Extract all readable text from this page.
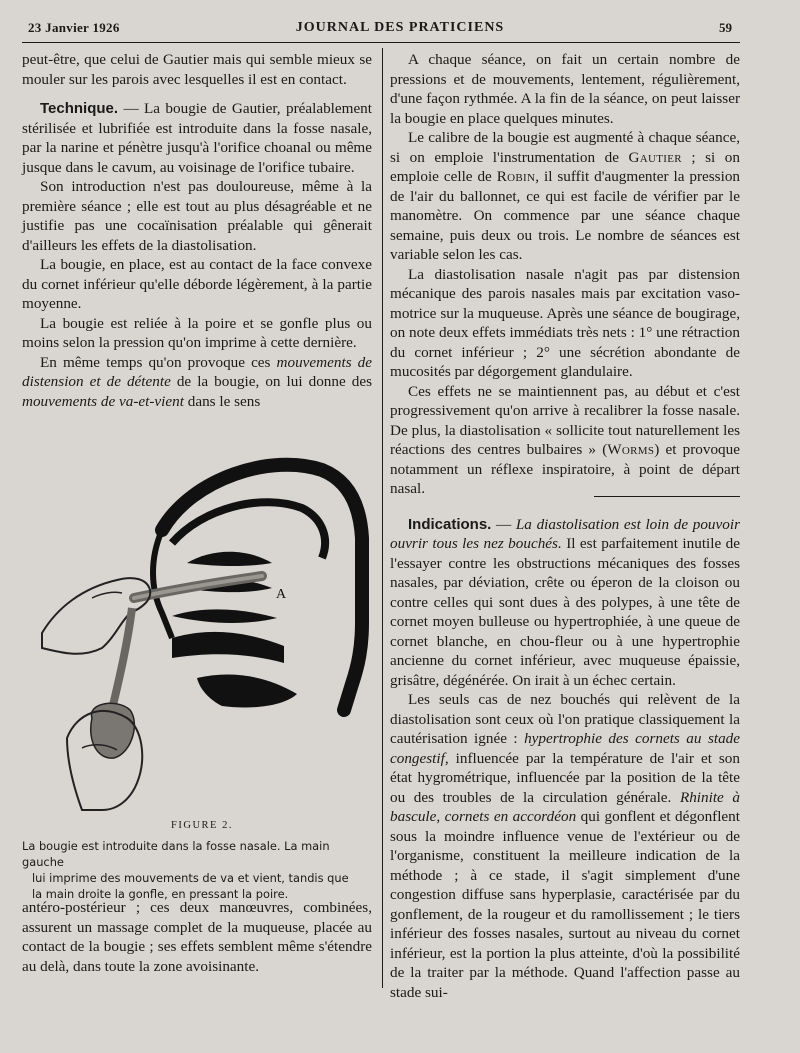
23 Janvier 1926	JOURNAL DES PRATICIENS	59

peut-être, que celui de Gautier mais qui semble mieux se mouler sur les parois avec lesquelles il est en contact.

Technique. — La bougie de Gautier, préalablement stérilisée et lubrifiée est introduite dans la fosse nasale, par la narine et pénètre jusqu'à l'orifice choanal ou même jusque dans le cavum, au voisinage de l'orifice tubaire.

Son introduction n'est pas douloureuse, même à la première séance ; elle est tout au plus désagréable et ne justifie pas une cocaïnisation préalable qui gênerait d'ailleurs les effets de la diastolisation.

La bougie, en place, est au contact de la face convexe du cornet inférieur qu'elle déborde légèrement, à la partie moyenne.

La bougie est reliée à la poire et se gonfle plus ou moins selon la pression qu'on imprime à cette dernière.

En même temps qu'on provoque ces mouvements de distension et de détente de la bougie, on lui donne des mouvements de va-et-vient dans le sens

A
FIGURE 2.
La bougie est introduite dans la fosse nasale. La main gauche
lui imprime des mouvements de va et vient, tandis que
la main droite la gonfle, en pressant la poire.

antéro-postérieur ; ces deux manœuvres, combinées, assurent un massage complet de la muqueuse, placée au contact de la bougie ; ses effets semblent même s'étendre au delà, dans toute la zone avoisinante.

A chaque séance, on fait un certain nombre de pressions et de mouvements, lentement, régulièrement, d'une façon rythmée. A la fin de la séance, on peut laisser la bougie en place quelques minutes.

Le calibre de la bougie est augmenté à chaque séance, si on emploie l'instrumentation de Gautier ; si on emploie celle de Robin, il suffit d'augmenter la pression de l'air du ballonnet, ce qui est facile de vérifier par le manomètre. On commence par une séance chaque semaine, puis deux ou trois. Le nombre de séances est variable selon les cas.

La diastolisation nasale n'agit pas par distension mécanique des parois nasales mais par excitation vaso-motrice sur la muqueuse. Après une séance de bougirage, on note deux effets immédiats très nets : 1° une rétraction du cornet inférieur ; 2° une sécrétion abondante de mucosités par dégorgement glandulaire.

Ces effets ne se maintiennent pas, au début et c'est progressivement qu'on arrive à recalibrer la fosse nasale. De plus, la diastolisation « sollicite tout naturellement les réactions des centres bulbaires » (Worms) et provoque notamment un réflexe inspiratoire, à point de départ nasal.

Indications. — La diastolisation est loin de pouvoir ouvrir tous les nez bouchés. Il est parfaitement inutile de l'essayer contre les obstructions mécaniques des fosses nasales, par déviation, crête ou éperon de la cloison ou contre celles qui sont dues à des polypes, à une tête de cornet moyen bulleuse ou hypertrophiée, à une queue de cornet blanche, en chou-fleur ou à une hypertrophie ancienne du cornet inférieur, avec muqueuse épaissie, grisâtre, dégénérée. On irait à un échec certain.

Les seuls cas de nez bouchés qui relèvent de la diastolisation sont ceux où l'on pratique classiquement la cautérisation ignée : hypertrophie des cornets au stade congestif, influencée par la température de l'air et son état hygrométrique, influencée par la position de la tête ou des troubles de la circulation générale. Rhinite à bascule, cornets en accordéon qui gonflent et dégonflent sous la moindre influence venue de l'extérieur ou de l'organisme, constituent la meilleure indication de la méthode ; à ce stade, il s'agit simplement d'une congestion diffuse sans hyperplasie, caractérisée par du gonflement, de la rougeur et du ramollissement ; le tiers inférieur des fosses nasales, surtout au niveau du cornet inférieur, est la portion la plus atteinte, d'où la possibilité de la traiter par la méthode. Quand l'affection passe au stade sui-
